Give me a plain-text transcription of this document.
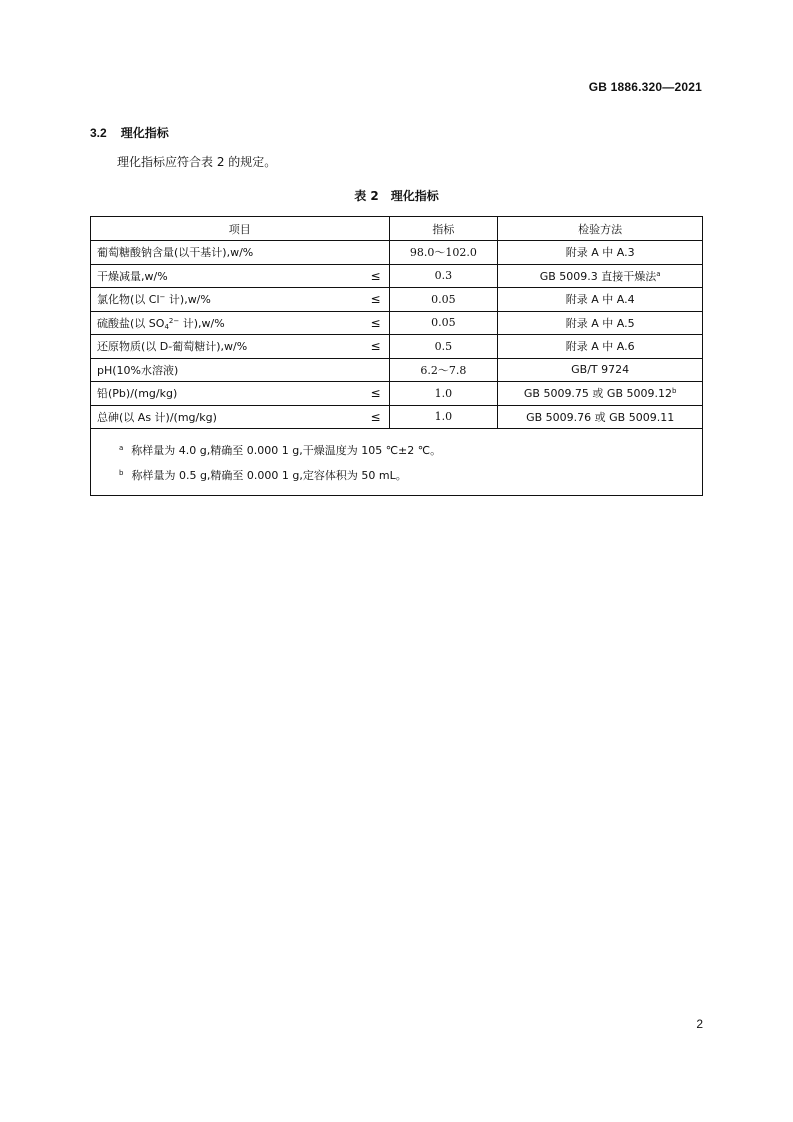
GB 1886.320—2021
3.2 理化指标
理化指标应符合表 2 的规定。
表 2 理化指标
项目	指标	检验方法
葡萄糖酸钠含量(以干基计),w/%	98.0～102.0	附录 A 中 A.3
干燥减量,w/% ≤	0.3	GB 5009.3 直接干燥法$^a$
氯化物(以 Cl− 计),w/% ≤	0.05	附录 A 中 A.4
硫酸盐(以 $SO_4^{2-}$ 计),w/% ≤	0.05	附录 A 中 A.5
还原物质(以 D-葡萄糖计),w/% ≤	0.5	附录 A 中 A.6
pH(10%水溶液)	6.2～7.8	GB/T 9724
铅(Pb)/(mg/kg) ≤	1.0	GB 5009.75 或 GB 5009.12$^b$
总砷(以 As 计)/(mg/kg) ≤	1.0	GB 5009.76 或 GB 5009.11

$^a$ 称样量为 4.0 g,精确至 0.000 1 g,干燥温度为 105 ℃±2 ℃。
$^b$ 称样量为 0.5 g,精确至 0.000 1 g,定容体积为 50 mL。		
2
